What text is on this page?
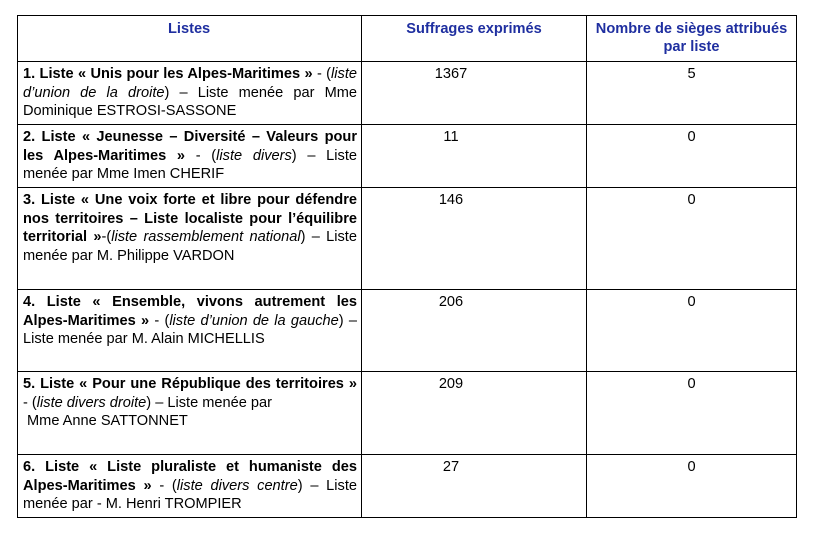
Listes	Suffrages exprimés	Nombre de sièges attribués par liste
1. Liste « Unis pour les Alpes-Maritimes » - (liste d’union de la droite) – Liste menée par Mme Dominique ESTROSI-SASSONE	1367	5
2. Liste « Jeunesse – Diversité – Valeurs pour les Alpes-Maritimes » - (liste divers) – Liste menée par Mme Imen CHERIF	11	0
3. Liste « Une voix forte et libre pour défendre nos territoires – Liste localiste pour l’équilibre territorial »-(liste rassemblement national) – Liste menée par M. Philippe VARDON	146	0
4. Liste « Ensemble, vivons autrement les Alpes-Maritimes » - (liste d’union de la gauche) – Liste menée par M. Alain MICHELLIS	206	0
5. Liste « Pour une République des territoires » - (liste divers droite) – Liste menée par
Mme Anne SATTONNET	209	0
6. Liste « Liste pluraliste et humaniste des Alpes-Maritimes » - (liste divers centre) – Liste menée par - M. Henri TROMPIER	27	0
